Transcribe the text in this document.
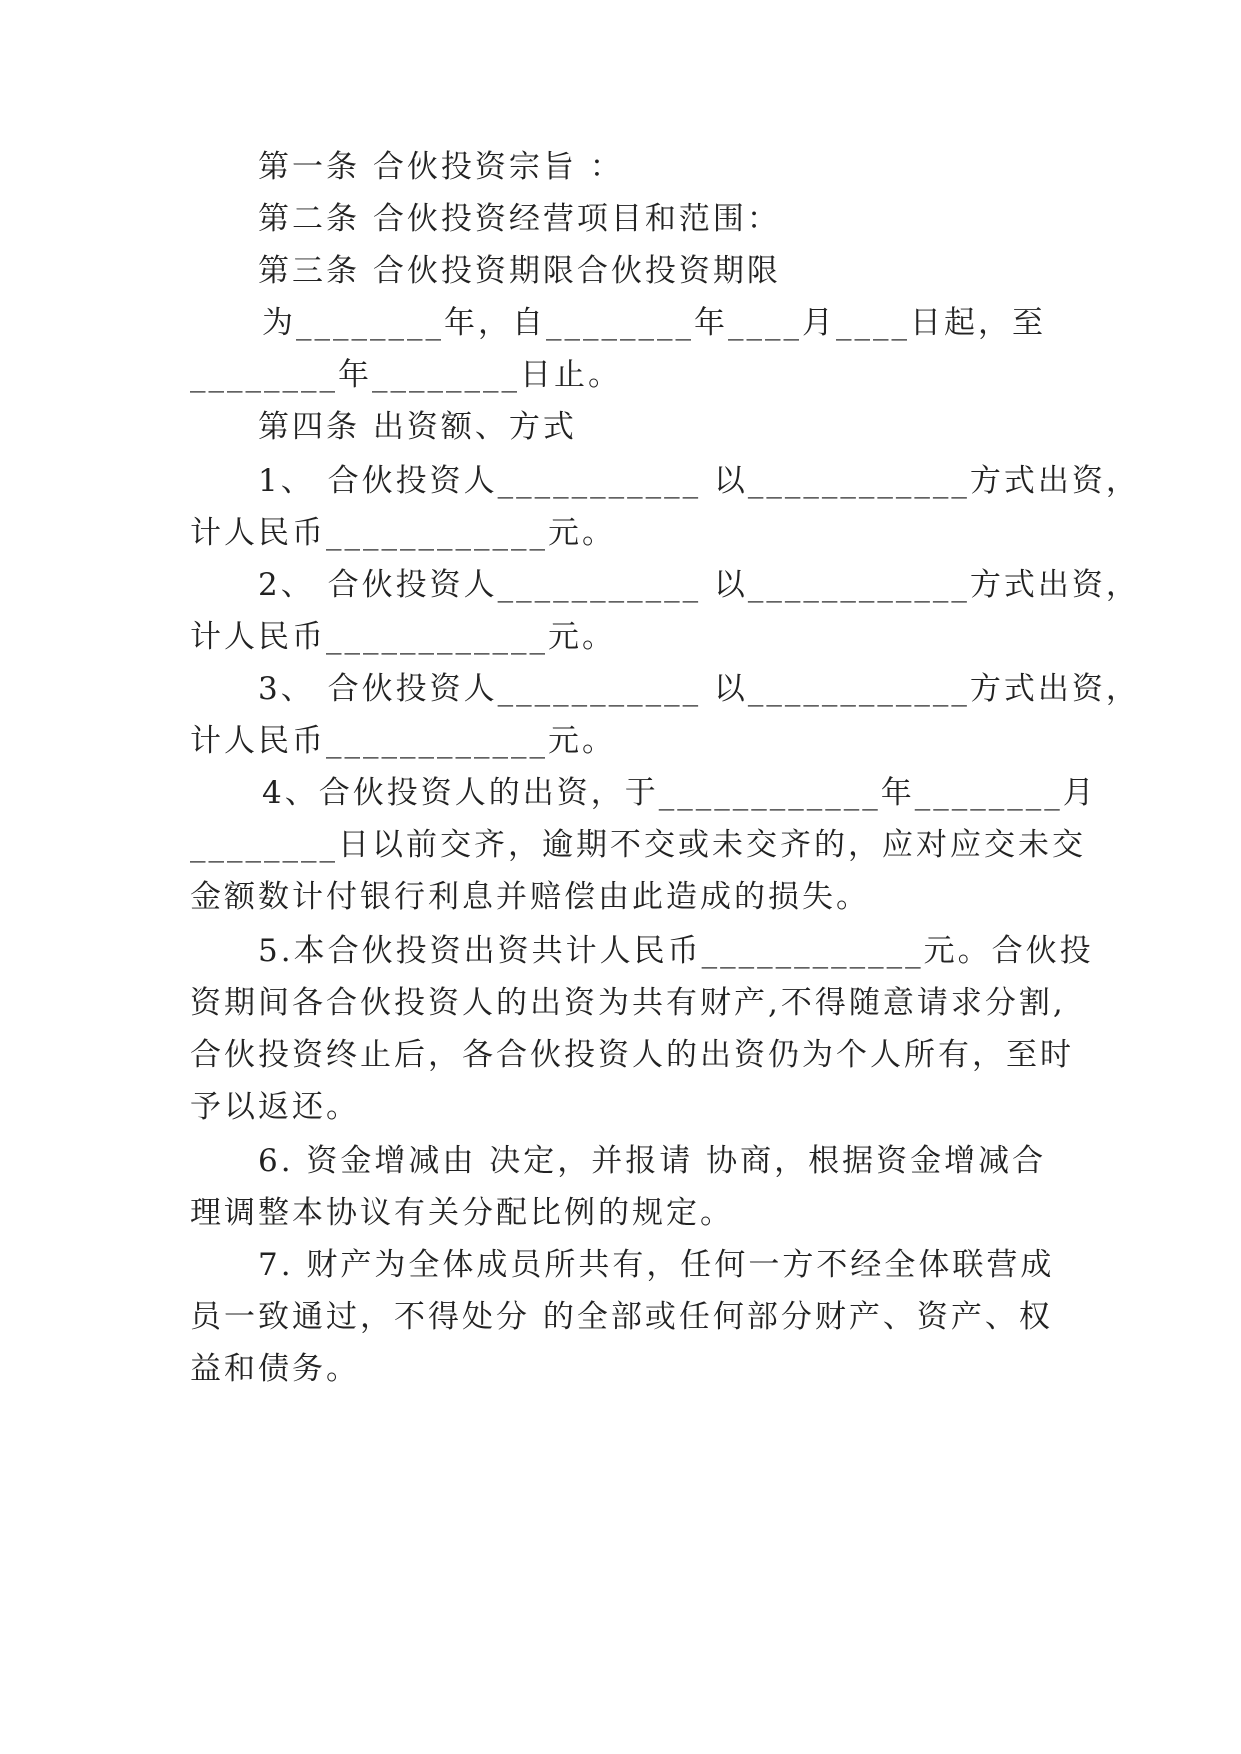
第一条 合伙投资宗旨 ：
第二条 合伙投资经营项目和范围：
第三条 合伙投资期限合伙投资期限
为________年，自________年____月____日起，至
________年________日止。
第四条 出资额、方式
1、 合伙投资人___________ 以____________方式出资，
计人民币____________元。
2、 合伙投资人___________ 以____________方式出资，
计人民币____________元。
3、 合伙投资人___________ 以____________方式出资，
计人民币____________元。
4、合伙投资人的出资，于____________年________月
________日以前交齐，逾期不交或未交齐的，应对应交未交
金额数计付银行利息并赔偿由此造成的损失。
5.本合伙投资出资共计人民币____________元。合伙投
资期间各合伙投资人的出资为共有财产,不得随意请求分割,
合伙投资终止后，各合伙投资人的出资仍为个人所有，至时
予以返还。
6. 资金增减由 决定，并报请 协商，根据资金增减合
理调整本协议有关分配比例的规定。
7. 财产为全体成员所共有，任何一方不经全体联营成
员一致通过，不得处分 的全部或任何部分财产、资产、权
益和债务。
